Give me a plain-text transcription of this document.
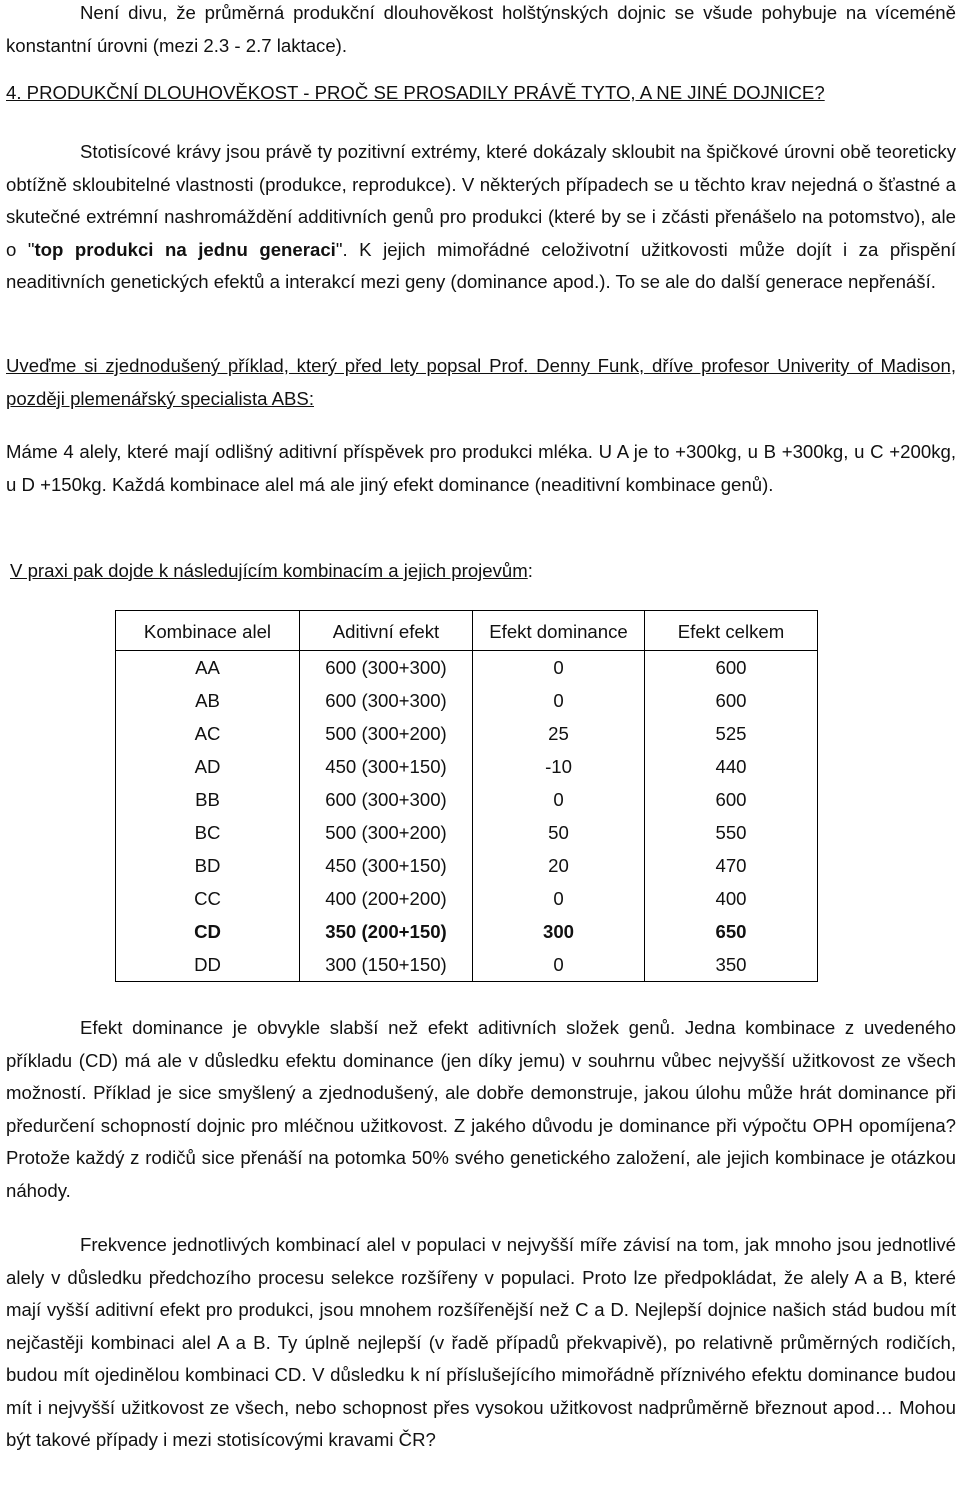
Není divu, že průměrná produkční dlouhověkost holštýnských dojnic se všude pohybuje na víceméně konstantní úrovni (mezi 2.3 - 2.7 laktace).

4. PRODUKČNÍ DLOUHOVĚKOST - PROČ SE PROSADILY PRÁVĚ TYTO, A NE JINÉ DOJNICE?

Stotisícové krávy jsou právě ty pozitivní extrémy, které dokázaly skloubit na špičkové úrovni obě teoreticky obtížně skloubitelné vlastnosti (produkce, reprodukce). V některých případech se u těchto krav nejedná o šťastné a skutečné extrémní nashromáždění additivních genů pro produkci (které by se i zčásti přenášelo na potomstvo), ale o "top produkci na jednu generaci". K jejich mimořádné celoživotní užitkovosti může dojít i za přispění neaditivních genetických efektů a interakcí mezi geny (dominance apod.). To se ale do další generace nepřenáší.

Uveďme si zjednodušený příklad, který před lety popsal Prof. Denny Funk, dříve profesor Univerity of Madison, později plemenářský specialista ABS:

Máme 4 alely, které mají odlišný aditivní příspěvek pro produkci mléka. U A je to +300kg, u B +300kg, u C +200kg, u D +150kg. Každá kombinace alel má ale jiný efekt dominance (neaditivní kombinace genů).

V praxi pak dojde k následujícím kombinacím a jejich projevům:

Kombinace alel	Aditivní efekt	Efekt dominance	Efekt celkem
AA	600 (300+300)	0	600
AB	600 (300+300)	0	600
AC	500 (300+200)	25	525
AD	450 (300+150)	-10	440
BB	600 (300+300)	0	600
BC	500 (300+200)	50	550
BD	450 (300+150)	20	470
CC	400 (200+200)	0	400
CD	350 (200+150)	300	650
DD	300 (150+150)	0	350

Efekt dominance je obvykle slabší než efekt aditivních složek genů. Jedna kombinace z uvedeného příkladu (CD) má ale v důsledku efektu dominance (jen díky jemu) v souhrnu vůbec nejvyšší užitkovost ze všech možností. Příklad je sice smyšlený a zjednodušený, ale dobře demonstruje, jakou úlohu může hrát dominance při předurčení schopností dojnic pro mléčnou užitkovost. Z jakého důvodu je dominance při výpočtu OPH opomíjena? Protože každý z rodičů sice přenáší na potomka 50% svého genetického založení, ale jejich kombinace je otázkou náhody.

Frekvence jednotlivých kombinací alel v populaci v nejvyšší míře závisí na tom, jak mnoho jsou jednotlivé alely v důsledku předchozího procesu selekce rozšířeny v populaci. Proto lze předpokládat, že alely A a B, které mají vyšší aditivní efekt pro produkci, jsou mnohem rozšířenější než C a D. Nejlepší dojnice našich stád budou mít nejčastěji kombinaci alel A a B. Ty úplně nejlepší (v řadě případů překvapivě), po relativně průměrných rodičích, budou mít ojedinělou kombinaci CD. V důsledku k ní příslušejícího mimořádně příznivého efektu dominance budou mít i nejvyšší užitkovost ze všech, nebo schopnost přes vysokou užitkovost nadprůměrně březnout apod… Mohou být takové případy i mezi stotisícovými kravami ČR?
